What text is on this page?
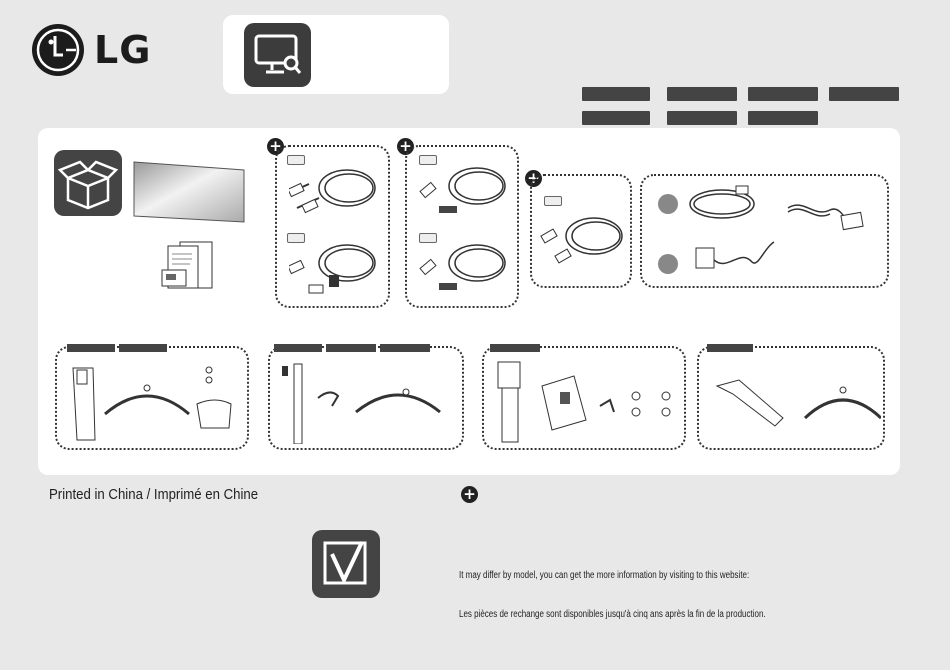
LG
+	+
+
Printed in China / Imprimé en Chine	+
It may differ by model, you can get the more information by visiting to this website:
Les pièces de rechange sont disponibles jusqu'à cinq ans après la fin de la production.
